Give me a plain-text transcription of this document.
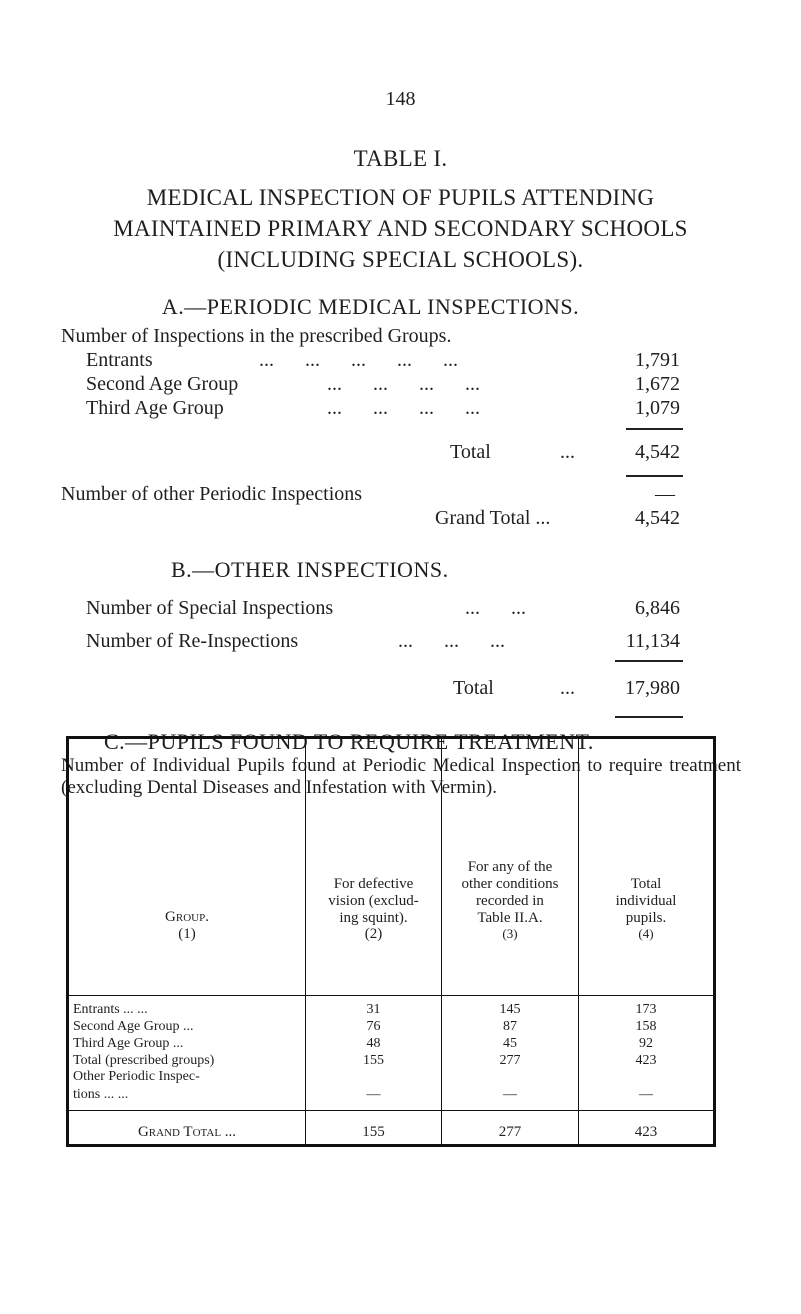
148
TABLE I.
MEDICAL INSPECTION OF PUPILS ATTENDING
MAINTAINED PRIMARY AND SECONDARY SCHOOLS
(INCLUDING SPECIAL SCHOOLS).
A.—PERIODIC MEDICAL INSPECTIONS.
Number of Inspections in the prescribed Groups.
Entrants	... ... ... ... ...	1,791
Second Age Group	... ... ... ...	1,672
Third Age Group	... ... ... ...	1,079
Total	...	4,542
Number of other Periodic Inspections	—
Grand Total ...	4,542
B.—OTHER INSPECTIONS.
Number of Special Inspections	... ...	6,846
Number of Re-Inspections	... ... ...	11,134
Total	...	17,980
C.—PUPILS FOUND TO REQUIRE TREATMENT.
Number of Individual Pupils found at Periodic Medical Inspection to require treatment (excluding Dental Diseases and Infestation with Vermin).
Group.
(1)
For defective
vision (exclud-
ing squint).
(2)
For any of the
other conditions
recorded in
Table II.A.
(3)
Total
individual
pupils.
(4)
Entrants ... ...	31	145	173
Second Age Group ...	76	87	158
Third Age Group ...	48	45	92
Total (prescribed groups)	155	277	423
Other Periodic Inspec-
tions ... ...	—	—	—
Grand Total ...	155	277	423
